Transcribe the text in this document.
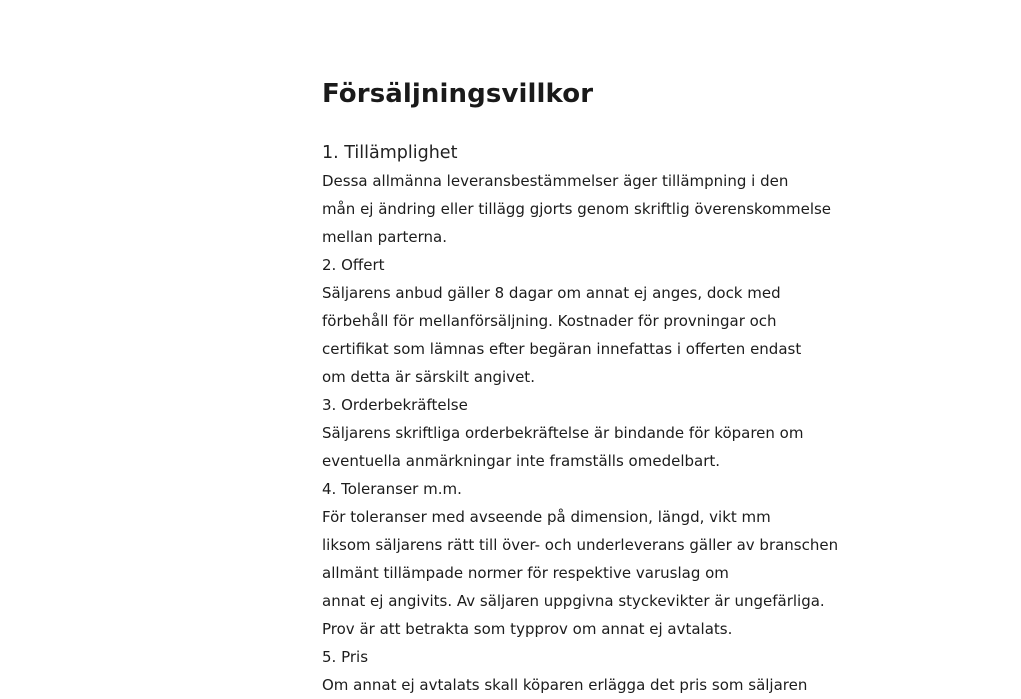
Försäljningsvillkor
1. Tillämplighet
Dessa allmänna leveransbestämmelser äger tillämpning i den
mån ej ändring eller tillägg gjorts genom skriftlig överenskommelse
mellan parterna.
2. Offert
Säljarens anbud gäller 8 dagar om annat ej anges, dock med
förbehåll för mellanförsäljning. Kostnader för provningar och
certifikat som lämnas efter begäran innefattas i offerten endast
om detta är särskilt angivet.
3. Orderbekräftelse
Säljarens skriftliga orderbekräftelse är bindande för köparen om
eventuella anmärkningar inte framställs omedelbart.
4. Toleranser m.m.
För toleranser med avseende på dimension, längd, vikt mm
liksom säljarens rätt till över- och underleverans gäller av branschen
allmänt tillämpade normer för respektive varuslag om
annat ej angivits. Av säljaren uppgivna styckevikter är ungefärliga.
Prov är att betrakta som typprov om annat ej avtalats.
5. Pris
Om annat ej avtalats skall köparen erlägga det pris som säljaren
